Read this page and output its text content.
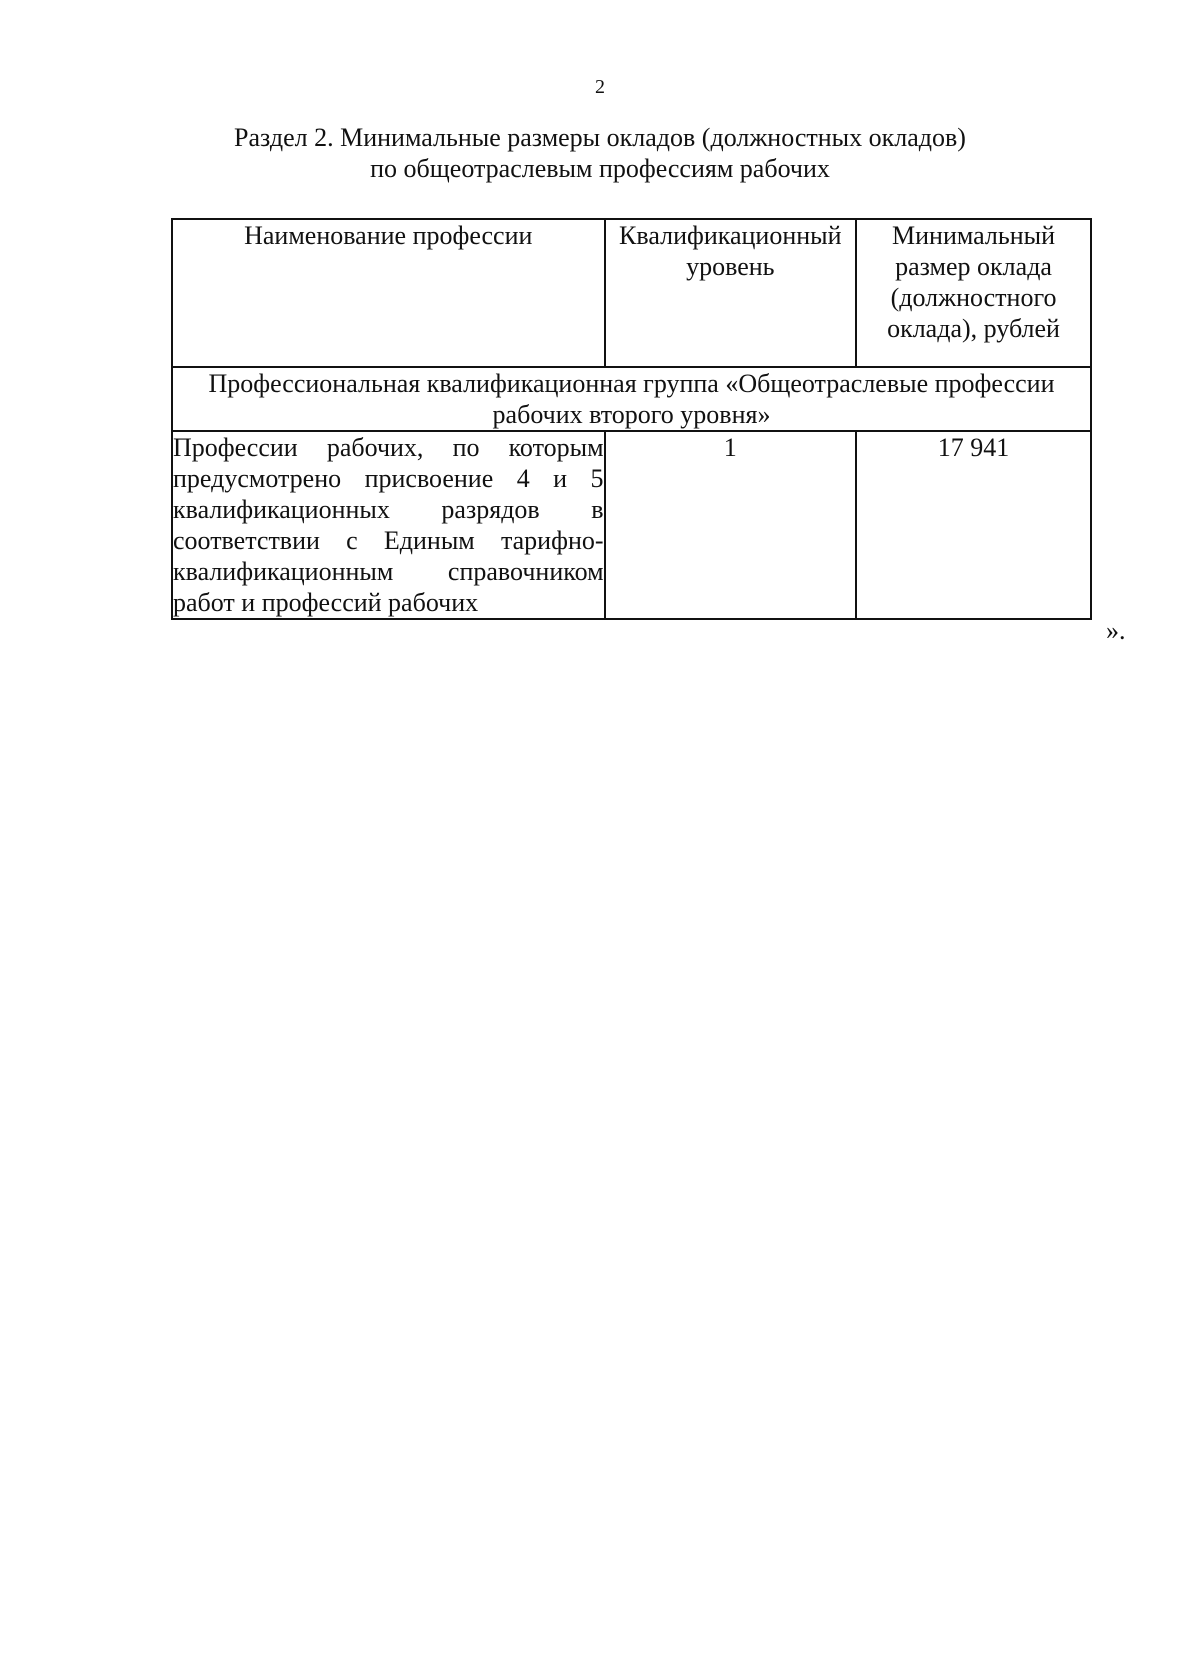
2
Раздел 2. Минимальные размеры окладов (должностных окладов)
по общеотраслевым профессиям рабочих
Наименование профессии	Квалификационный уровень	Минимальный размер оклада (должностного оклада), рублей
Профессиональная квалификационная группа «Общеотраслевые профессии рабочих второго уровня»		
Профессии рабочих, по которым предусмотрено присвоение 4 и 5 квалификационных разрядов в соответствии с Единым тарифно-квалификационным справочником работ и профессий рабочих	1	17 941
».
